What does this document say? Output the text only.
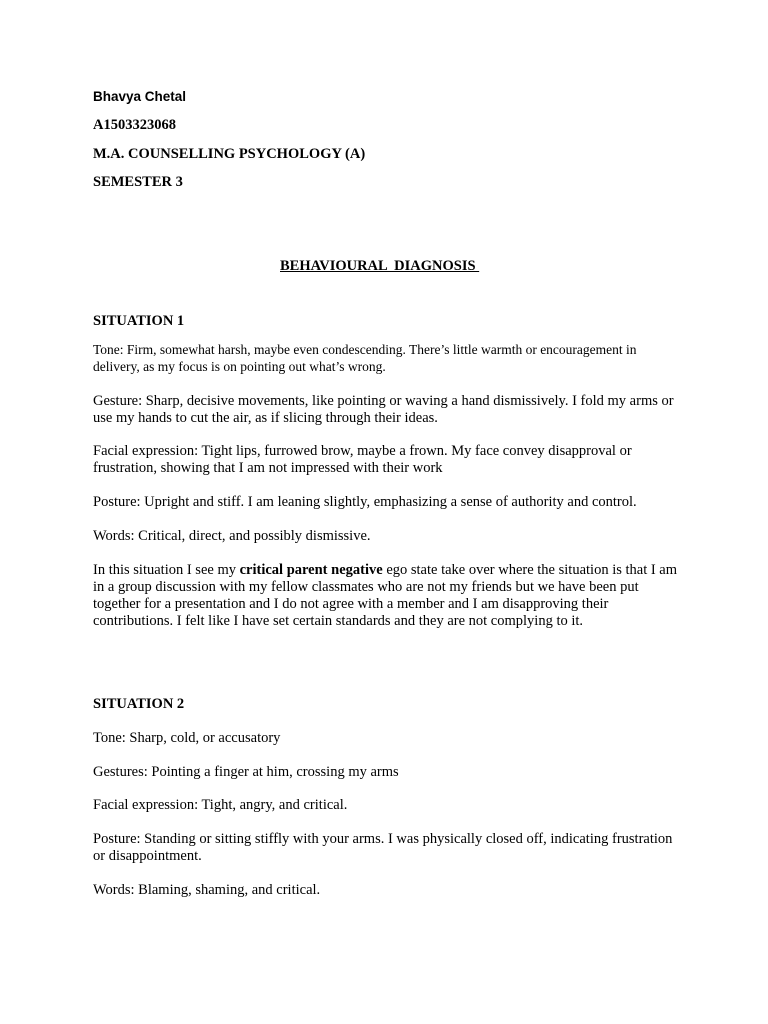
Bhavya Chetal

A1503323068

M.A. COUNSELLING PSYCHOLOGY (A)

SEMESTER 3

BEHAVIOURAL  DIAGNOSIS

SITUATION 1

Tone: Firm, somewhat harsh, maybe even condescending. There’s little warmth or encouragement in delivery, as my focus is on pointing out what’s wrong.

Gesture: Sharp, decisive movements, like pointing or waving a hand dismissively. I fold my arms or use my hands to cut the air, as if slicing through their ideas.

Facial expression: Tight lips, furrowed brow, maybe a frown. My face convey disapproval or frustration, showing that I am not impressed with their work

Posture: Upright and stiff. I am leaning slightly, emphasizing a sense of authority and control.

Words: Critical, direct, and possibly dismissive.

In this situation I see my critical parent negative ego state take over where the situation is that I am in a group discussion with my fellow classmates who are not my friends but we have been put together for a presentation and I do not agree with a member and I am disapproving their contributions. I felt like I have set certain standards and they are not complying to it.

SITUATION 2

Tone: Sharp, cold, or accusatory

Gestures: Pointing a finger at him, crossing my arms

Facial expression: Tight, angry, and critical.

Posture: Standing or sitting stiffly with your arms. I was physically closed off, indicating frustration or disappointment.

Words: Blaming, shaming, and critical.
